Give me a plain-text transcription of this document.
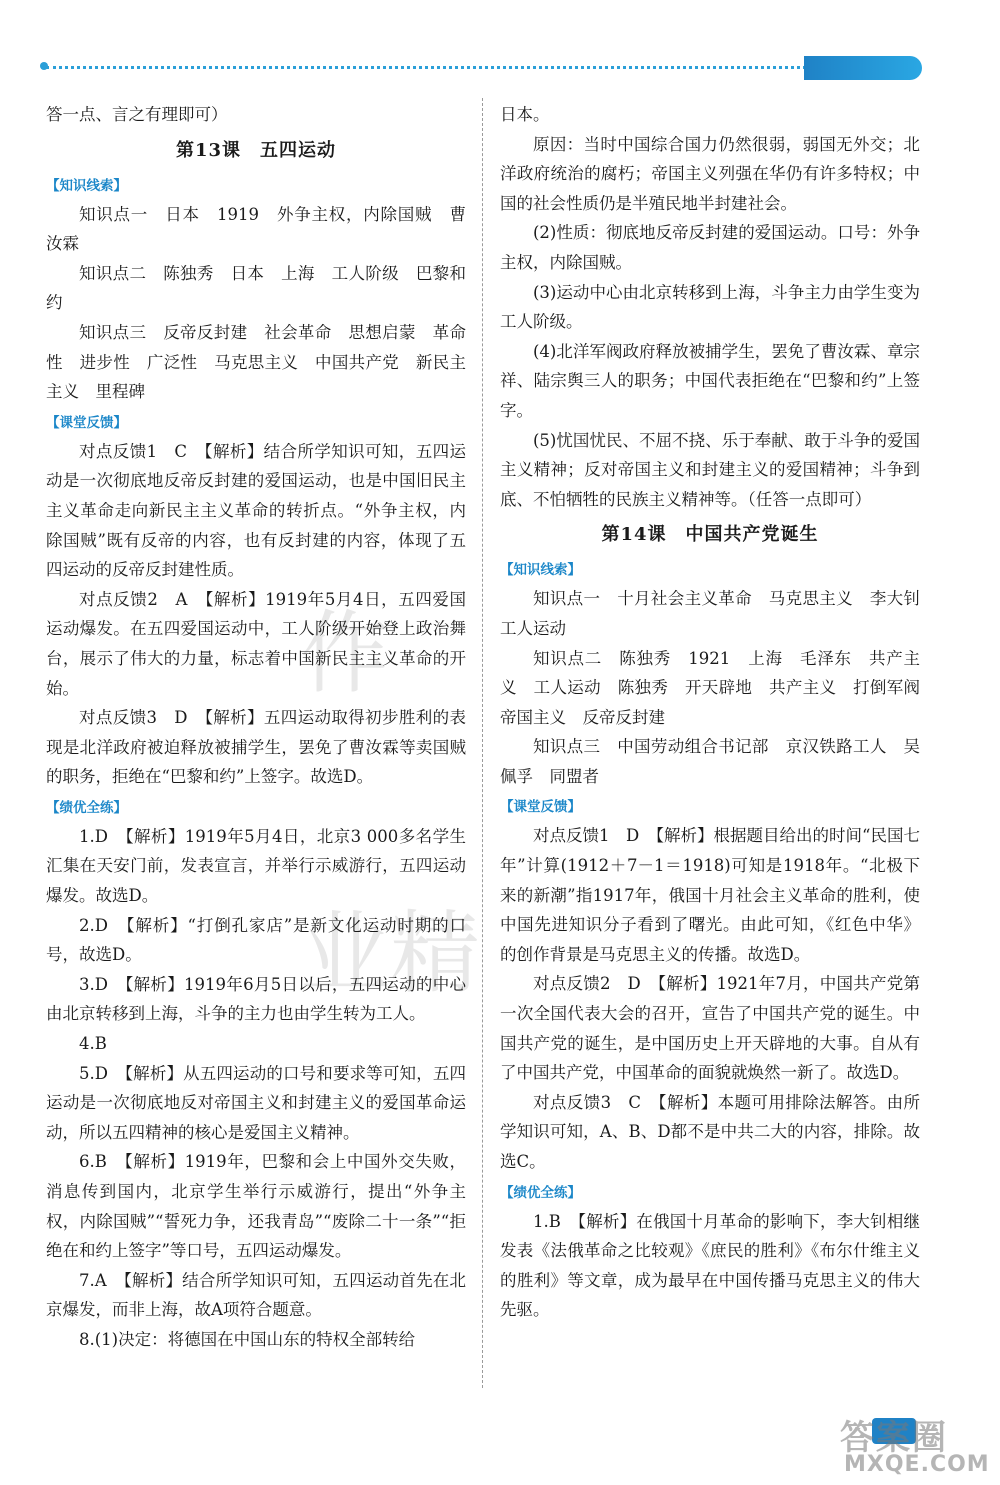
作
业 精

答一点、言之有理即可）

第13课　五四运动

【知识线索】

知识点一　日本　1919　外争主权，内除国贼　曹汝霖

知识点二　陈独秀　日本　上海　工人阶级　巴黎和约

知识点三　反帝反封建　社会革命　思想启蒙　革命性　进步性　广泛性　马克思主义　中国共产党　新民主主义　里程碑

【课堂反馈】

对点反馈1　C　【解析】结合所学知识可知，五四运动是一次彻底地反帝反封建的爱国运动，也是中国旧民主主义革命走向新民主主义革命的转折点。“外争主权，内除国贼”既有反帝的内容，也有反封建的内容，体现了五四运动的反帝反封建性质。

对点反馈2　A　【解析】1919年5月4日，五四爱国运动爆发。在五四爱国运动中，工人阶级开始登上政治舞台，展示了伟大的力量，标志着中国新民主主义革命的开始。

对点反馈3　D　【解析】五四运动取得初步胜利的表现是北洋政府被迫释放被捕学生，罢免了曹汝霖等卖国贼的职务，拒绝在“巴黎和约”上签字。故选D。

【绩优全练】

1.D　【解析】1919年5月4日，北京3 000多名学生汇集在天安门前，发表宣言，并举行示威游行，五四运动爆发。故选D。

2.D　【解析】“打倒孔家店”是新文化运动时期的口号，故选D。

3.D　【解析】1919年6月5日以后，五四运动的中心由北京转移到上海，斗争的主力也由学生转为工人。

4.B

5.D　【解析】从五四运动的口号和要求等可知，五四运动是一次彻底地反对帝国主义和封建主义的爱国革命运动，所以五四精神的核心是爱国主义精神。

6.B　【解析】1919年，巴黎和会上中国外交失败，消息传到国内，北京学生举行示威游行，提出“外争主权，内除国贼”“誓死力争，还我青岛”“废除二十一条”“拒绝在和约上签字”等口号，五四运动爆发。

7.A　【解析】结合所学知识可知，五四运动首先在北京爆发，而非上海，故A项符合题意。

8.(1)决定：将德国在中国山东的特权全部转给

日本。

原因：当时中国综合国力仍然很弱，弱国无外交；北洋政府统治的腐朽；帝国主义列强在华仍有许多特权；中国的社会性质仍是半殖民地半封建社会。

(2)性质：彻底地反帝反封建的爱国运动。口号：外争主权，内除国贼。

(3)运动中心由北京转移到上海，斗争主力由学生变为工人阶级。

(4)北洋军阀政府释放被捕学生，罢免了曹汝霖、章宗祥、陆宗舆三人的职务；中国代表拒绝在“巴黎和约”上签字。

(5)忧国忧民、不屈不挠、乐于奉献、敢于斗争的爱国主义精神；反对帝国主义和封建主义的爱国精神；斗争到底、不怕牺牲的民族主义精神等。（任答一点即可）

第14课　中国共产党诞生

【知识线索】

知识点一　十月社会主义革命　马克思主义　李大钊　工人运动

知识点二　陈独秀　1921　上海　毛泽东　共产主义　工人运动　陈独秀　开天辟地　共产主义　打倒军阀　帝国主义　反帝反封建

知识点三　中国劳动组合书记部　京汉铁路工人　吴佩孚　同盟者

【课堂反馈】

对点反馈1　D　【解析】根据题目给出的时间“民国七年”计算(1912＋7－1＝1918)可知是1918年。“北极下来的新潮”指1917年，俄国十月社会主义革命的胜利，使中国先进知识分子看到了曙光。由此可知，《红色中华》的创作背景是马克思主义的传播。故选D。

对点反馈2　D　【解析】1921年7月，中国共产党第一次全国代表大会的召开，宣告了中国共产党的诞生。中国共产党的诞生，是中国历史上开天辟地的大事。自从有了中国共产党，中国革命的面貌就焕然一新了。故选D。

对点反馈3　C　【解析】本题可用排除法解答。由所学知识可知，A、B、D都不是中共二大的内容，排除。故选C。

【绩优全练】

1.B　【解析】在俄国十月革命的影响下，李大钊相继发表《法俄革命之比较观》《庶民的胜利》《布尔什维主义的胜利》等文章，成为最早在中国传播马克思主义的伟大先驱。

答案圈
MXQE.COM
